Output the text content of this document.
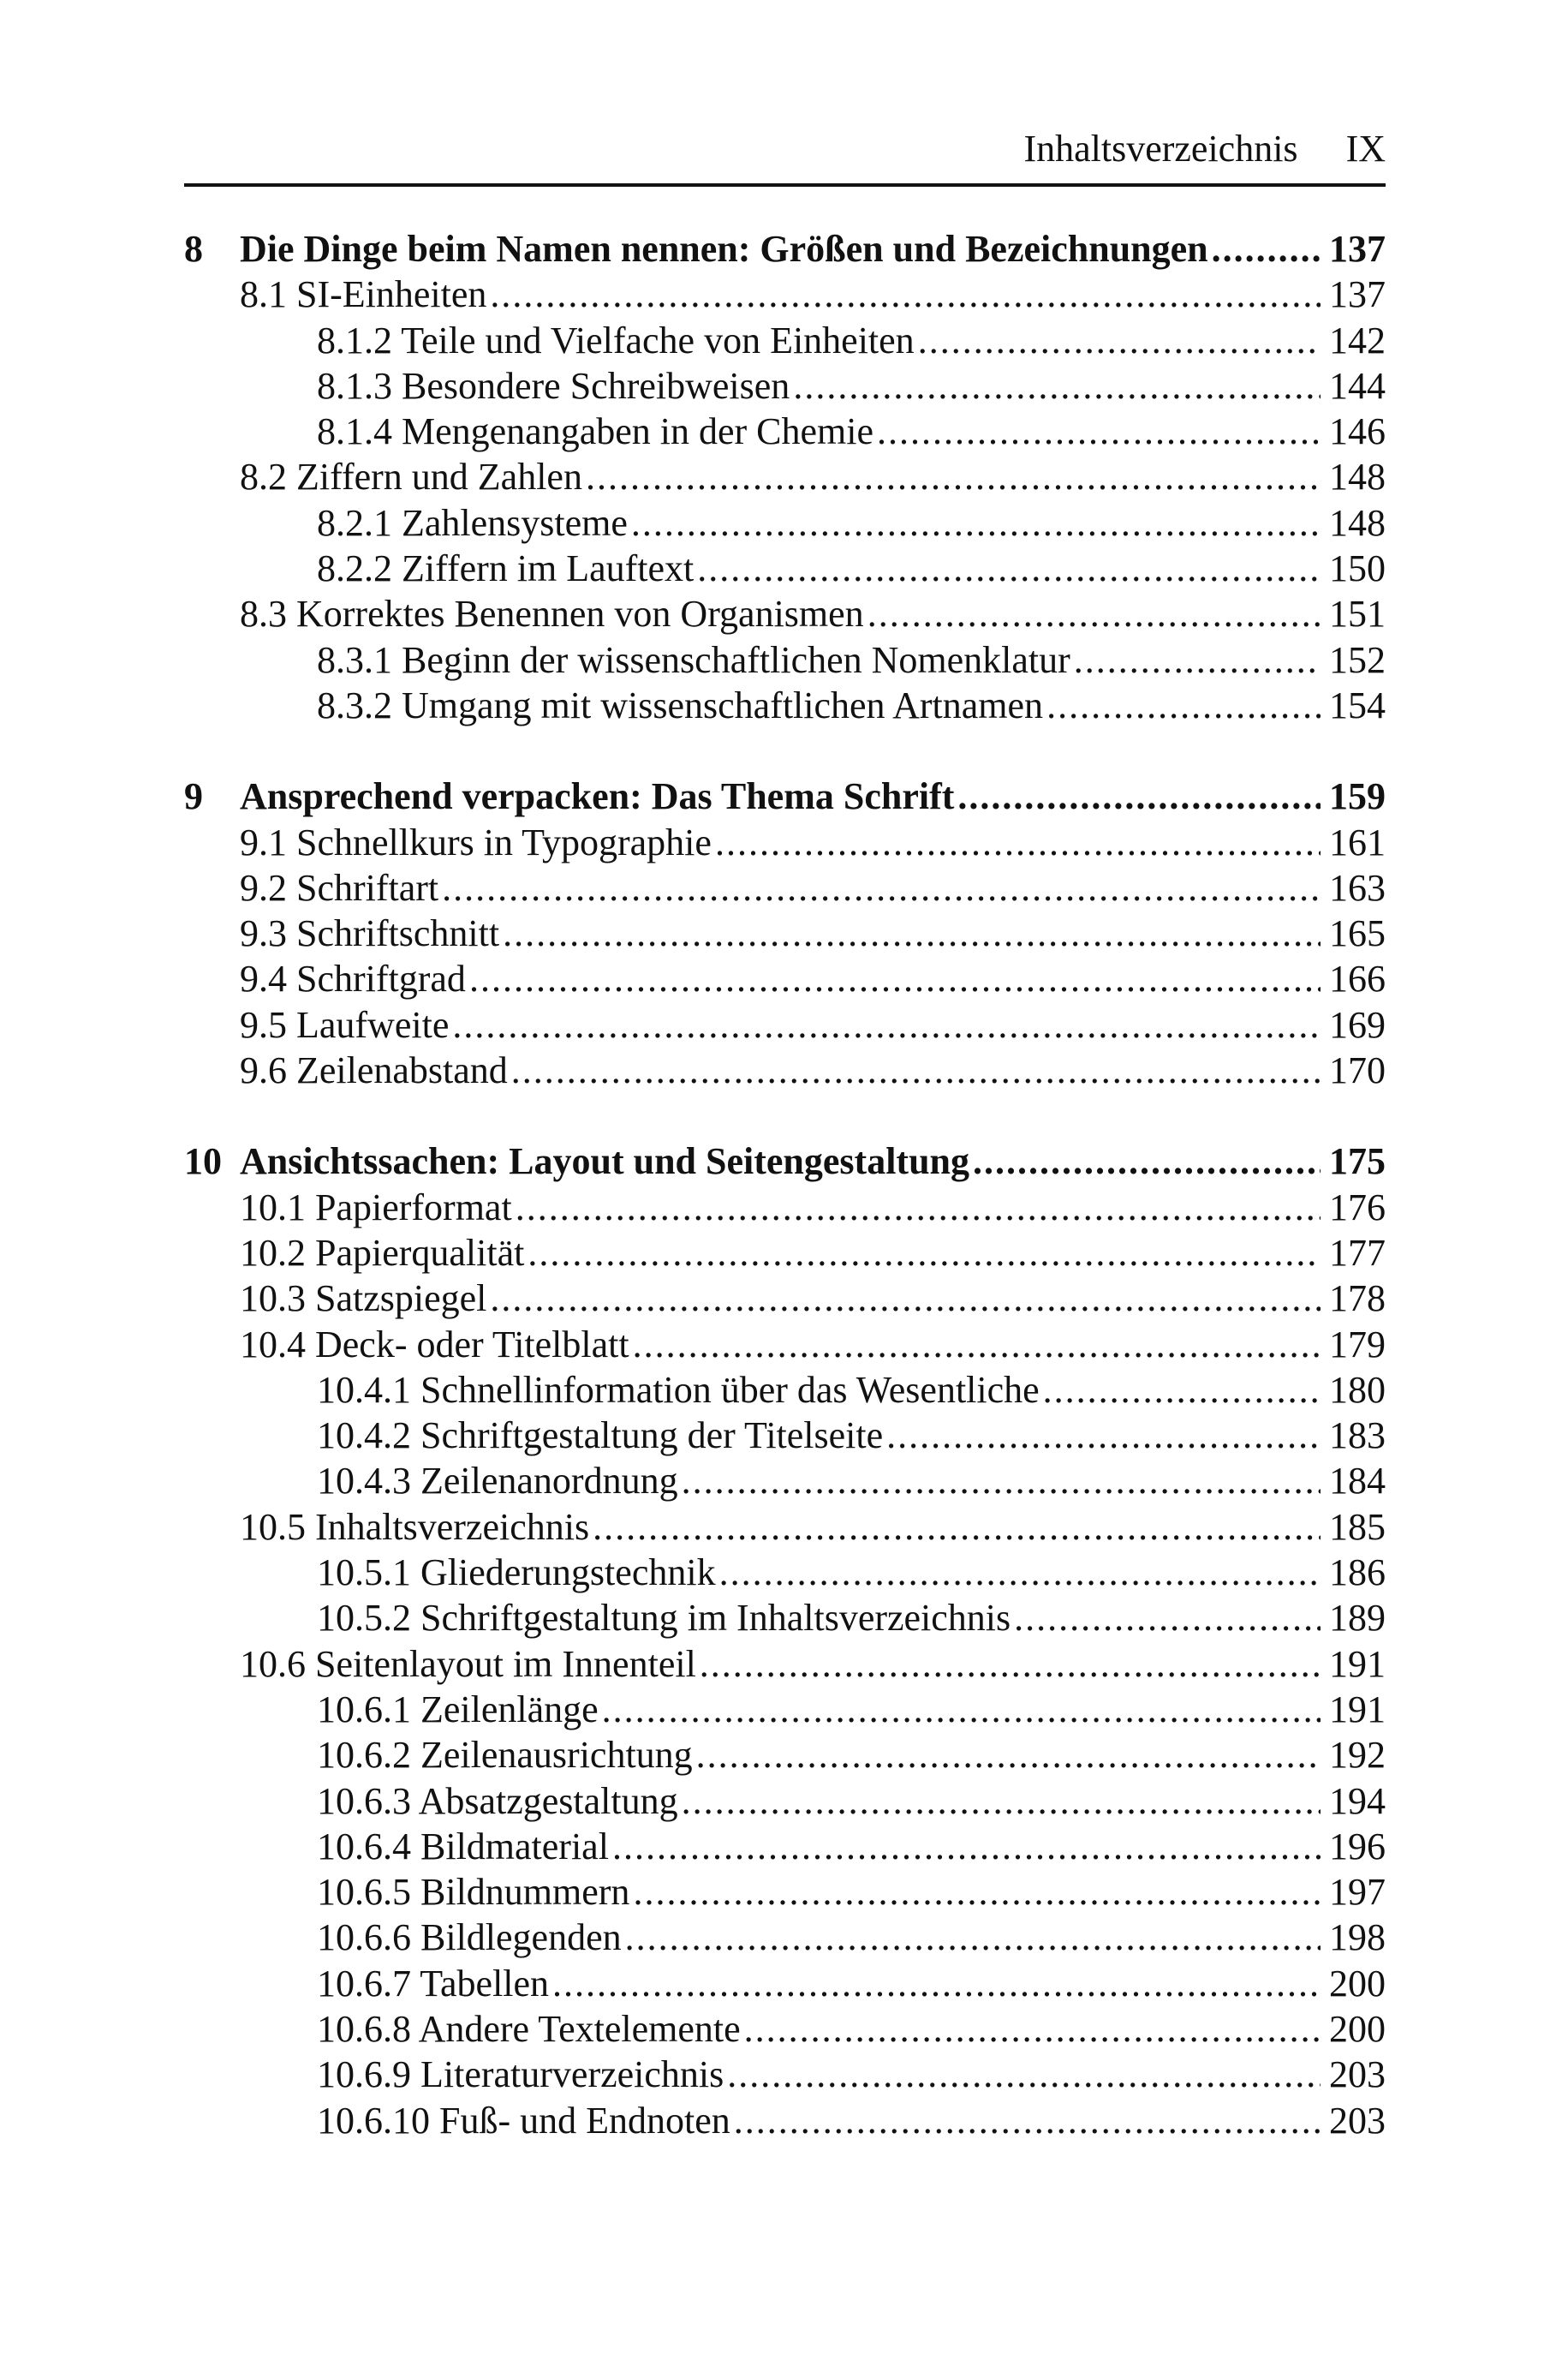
Inhaltsverzeichnis IX
8 Die Dinge beim Namen nennen: Größen und Bezeichnungen .....	137
8.1 SI-Einheiten .....	137
8.1.2 Teile und Vielfache von Einheiten .....	142
8.1.3 Besondere Schreibweisen .....	144
8.1.4 Mengenangaben in der Chemie .....	146
8.2 Ziffern und Zahlen .....	148
8.2.1 Zahlensysteme .....	148
8.2.2 Ziffern im Lauftext .....	150
8.3 Korrektes Benennen von Organismen .....	151
8.3.1 Beginn der wissenschaftlichen Nomenklatur .....	152
8.3.2 Umgang mit wissenschaftlichen Artnamen .....	154
9 Ansprechend verpacken: Das Thema Schrift .....	159
9.1 Schnellkurs in Typographie .....	161
9.2 Schriftart .....	163
9.3 Schriftschnitt .....	165
9.4 Schriftgrad .....	166
9.5 Laufweite .....	169
9.6 Zeilenabstand .....	170
10 Ansichtssachen: Layout und Seitengestaltung .....	175
10.1 Papierformat .....	176
10.2 Papierqualität .....	177
10.3 Satzspiegel .....	178
10.4 Deck- oder Titelblatt .....	179
10.4.1 Schnellinformation über das Wesentliche .....	180
10.4.2 Schriftgestaltung der Titelseite .....	183
10.4.3 Zeilenanordnung .....	184
10.5 Inhaltsverzeichnis .....	185
10.5.1 Gliederungstechnik .....	186
10.5.2 Schriftgestaltung im Inhaltsverzeichnis .....	189
10.6 Seitenlayout im Innenteil .....	191
10.6.1 Zeilenlänge .....	191
10.6.2 Zeilenausrichtung .....	192
10.6.3 Absatzgestaltung .....	194
10.6.4 Bildmaterial .....	196
10.6.5 Bildnummern .....	197
10.6.6 Bildlegenden .....	198
10.6.7 Tabellen .....	200
10.6.8 Andere Textelemente .....	200
10.6.9 Literaturverzeichnis .....	203
10.6.10 Fuß- und Endnoten .....	203
